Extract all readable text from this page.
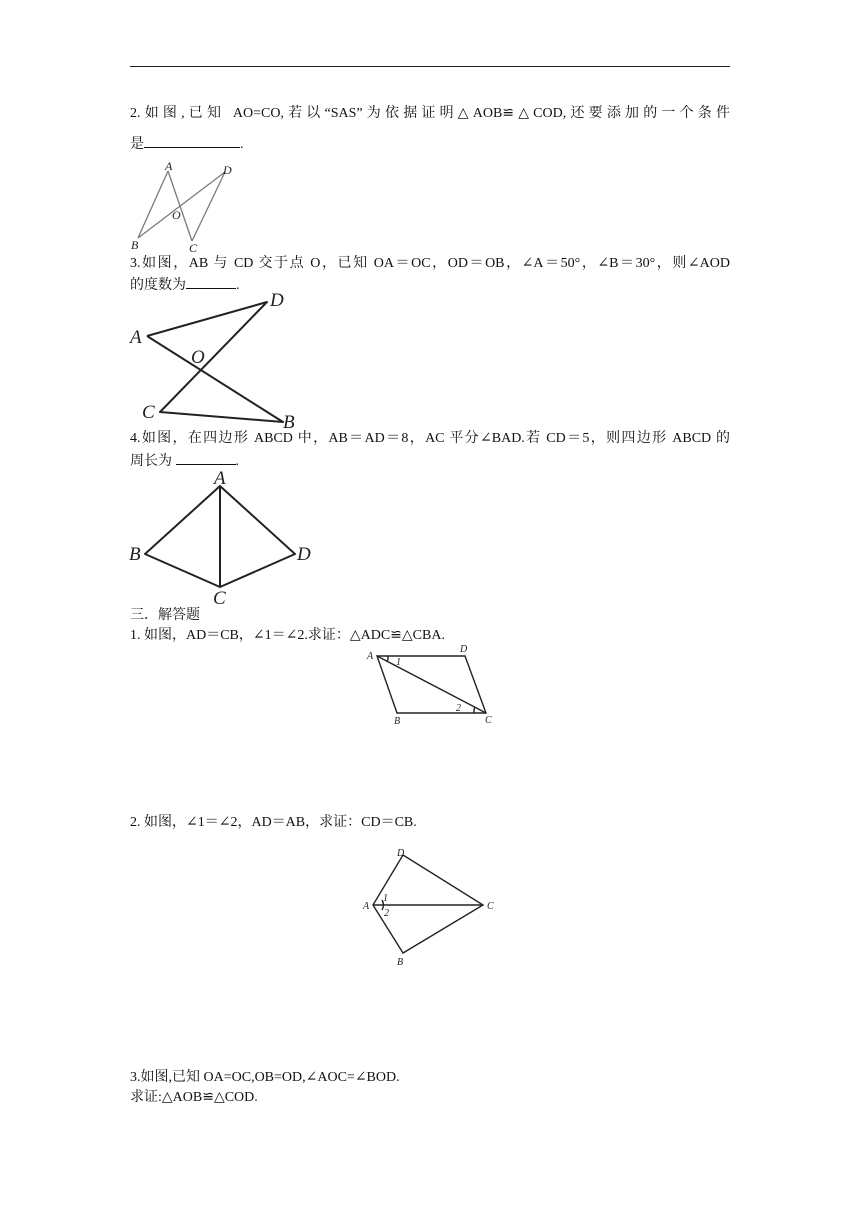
2.如图,已知 AO=CO,若以“SAS”为依据证明△AOB≌△COD,还要添加的一个条件
是	.
A	D
O
B	C
3.如图，AB 与 CD 交于点 O，已知 OA＝OC，OD＝OB，∠A＝50°，∠B＝30°，则∠AOD
的度数为	.
A
D
O
C	B
4.如图，在四边形 ABCD 中，AB＝AD＝8，AC 平分∠BAD.若 CD＝5，则四边形 ABCD 的
周长为	.
A
B	D
C
三．解答题
1. 如图，AD＝CB，∠1＝∠2.求证：△ADC≌△CBA.
A
D
B	C
1
2
2. 如图，∠1＝∠2，AD＝AB，求证：CD＝CB.
D
A	C
B
1
2
3.如图,已知 OA=OC,OB=OD,∠AOC=∠BOD.
求证:△AOB≌△COD.
